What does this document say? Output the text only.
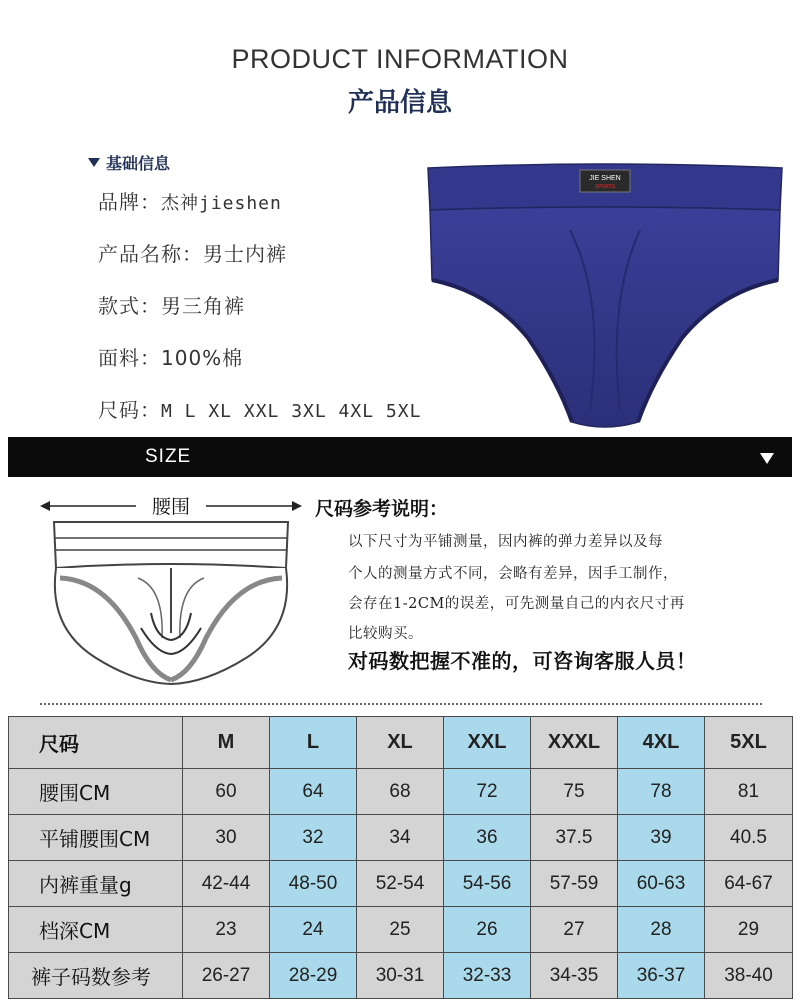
PRODUCT INFORMATION
产品信息
基础信息
品牌：杰神jieshen
产品名称：男士内裤
款式：男三角裤
面料：100%棉
尺码：M L XL XXL 3XL 4XL 5XL
JIE SHEN
SPORTS
SIZE
腰围	尺码参考说明：
以下尺寸为平铺测量，因内裤的弹力差异以及每
个人的测量方式不同，会略有差异，因手工制作，
会存在1-2CM的误差，可先测量自己的内衣尺寸再
比较购买。
对码数把握不准的，可咨询客服人员！
尺码	M	L	XL	XXL	XXXL	4XL	5XL
腰围CM	60	64	68	72	75	78	81
平铺腰围CM	30	32	34	36	37.5	39	40.5
内裤重量g	42-44	48-50	52-54	54-56	57-59	60-63	64-67
档深CM	23	24	25	26	27	28	29
裤子码数参考	26-27	28-29	30-31	32-33	34-35	36-37	38-40
